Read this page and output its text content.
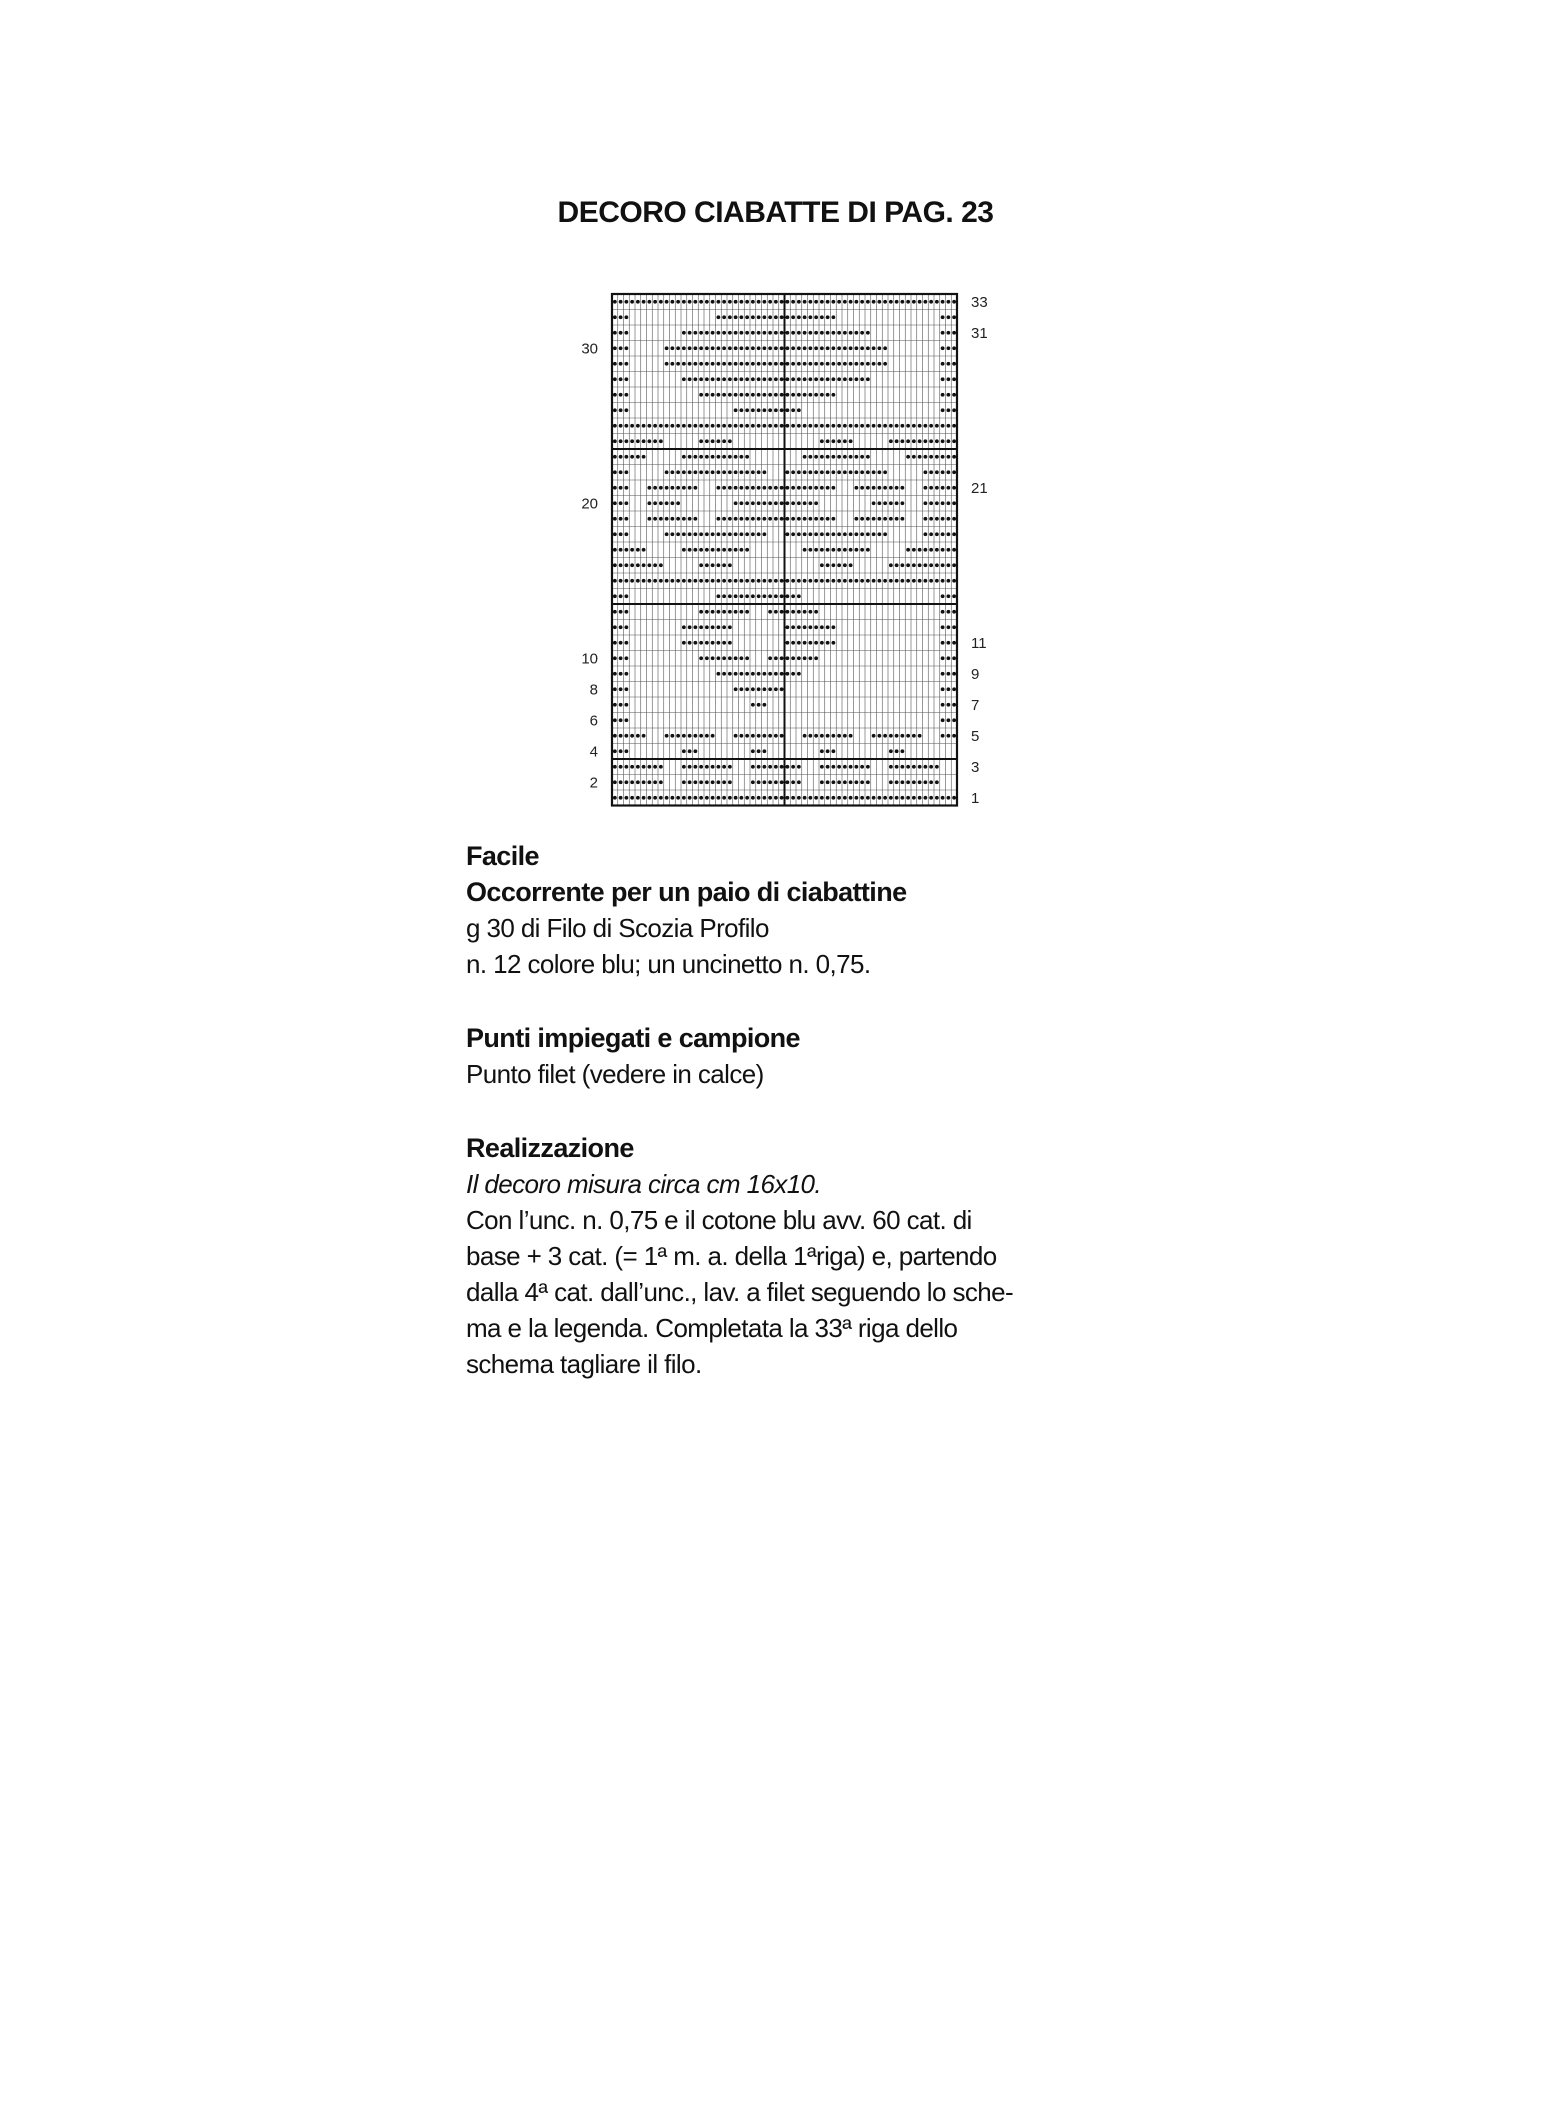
DECORO CIABATTE DI PAG. 23
30
20
10
8
6
4
2
33
31
21
11
9
7
5
3
1
Facile
Occorrente per un paio di ciabattine

g 30 di Filo di Scozia Profilo

n. 12 colore blu; un uncinetto n. 0,75.

Punti impiegati e campione

Punto filet (vedere in calce)

Realizzazione

Il decoro misura circa cm 16x10.

Con l’unc. n. 0,75 e il cotone blu avv. 60 cat. di

base + 3 cat. (= 1ª m. a. della 1ªriga) e, partendo

dalla 4ª cat. dall’unc., lav. a filet seguendo lo sche-

ma e la legenda. Completata la 33ª riga dello

schema tagliare il filo.
